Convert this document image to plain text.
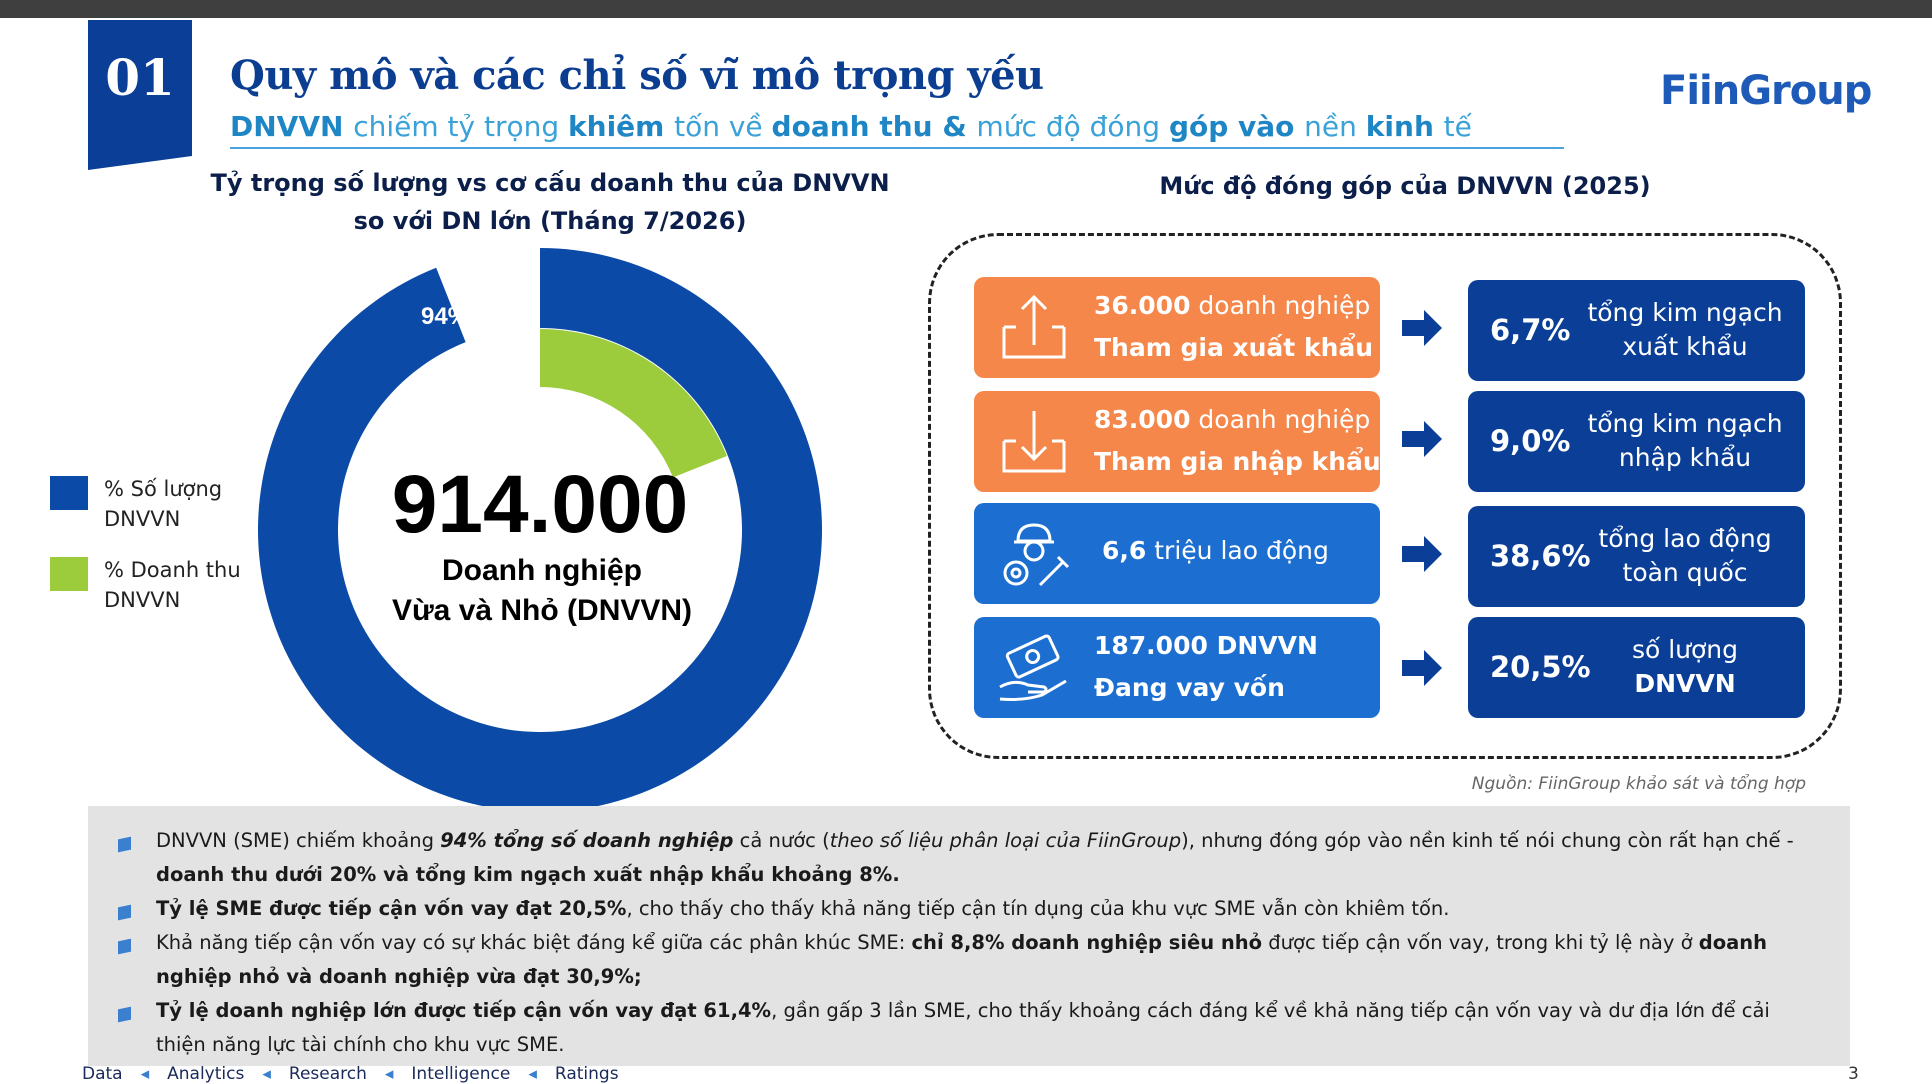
01	Quy mô và các chỉ số vĩ mô trọng yếu
DNVVN chiếm tỷ trọng khiêm tốn về doanh thu & mức độ đóng góp vào nền kinh tế
FiinGroup
Tỷ trọng số lượng vs cơ cấu doanh thu của DNVVN
so với DN lớn (Tháng 7/2026)
94%
19%
914.000
Doanh nghiệp
Vừa và Nhỏ (DNVVN)
% Số lượng
DNVVN
% Doanh thu
DNVVN
Mức độ đóng góp của DNVVN (2025)
36.000 doanh nghiệp
Tham gia xuất khẩu
6,7%
tổng kim ngạch
xuất khẩu
83.000 doanh nghiệp
Tham gia nhập khẩu
9,0%
tổng kim ngạch
nhập khẩu
6,6 triệu lao động	38,6%
tổng lao động
toàn quốc
187.000 DNVVN
Đang vay vốn
20,5%
số lượng
DNVVN
Nguồn: FiinGroup khảo sát và tổng hợp
DNVVN (SME) chiếm khoảng 94% tổng số doanh nghiệp cả nước (theo số liệu phân loại của FiinGroup), nhưng đóng góp vào nền kinh tế nói chung còn rất hạn chế - doanh thu dưới 20% và tổng kim ngạch xuất nhập khẩu khoảng 8%.
Tỷ lệ SME được tiếp cận vốn vay đạt 20,5%, cho thấy cho thấy khả năng tiếp cận tín dụng của khu vực SME vẫn còn khiêm tốn.
Khả năng tiếp cận vốn vay có sự khác biệt đáng kể giữa các phân khúc SME: chỉ 8,8% doanh nghiệp siêu nhỏ được tiếp cận vốn vay, trong khi tỷ lệ này ở doanh nghiệp nhỏ và doanh nghiệp vừa đạt 30,9%;
Tỷ lệ doanh nghiệp lớn được tiếp cận vốn vay đạt 61,4%, gần gấp 3 lần SME, cho thấy khoảng cách đáng kể về khả năng tiếp cận vốn vay và dư địa lớn để cải thiện năng lực tài chính cho khu vực SME.
Data ◂ Analytics ◂ Research ◂ Intelligence ◂ Ratings	3
